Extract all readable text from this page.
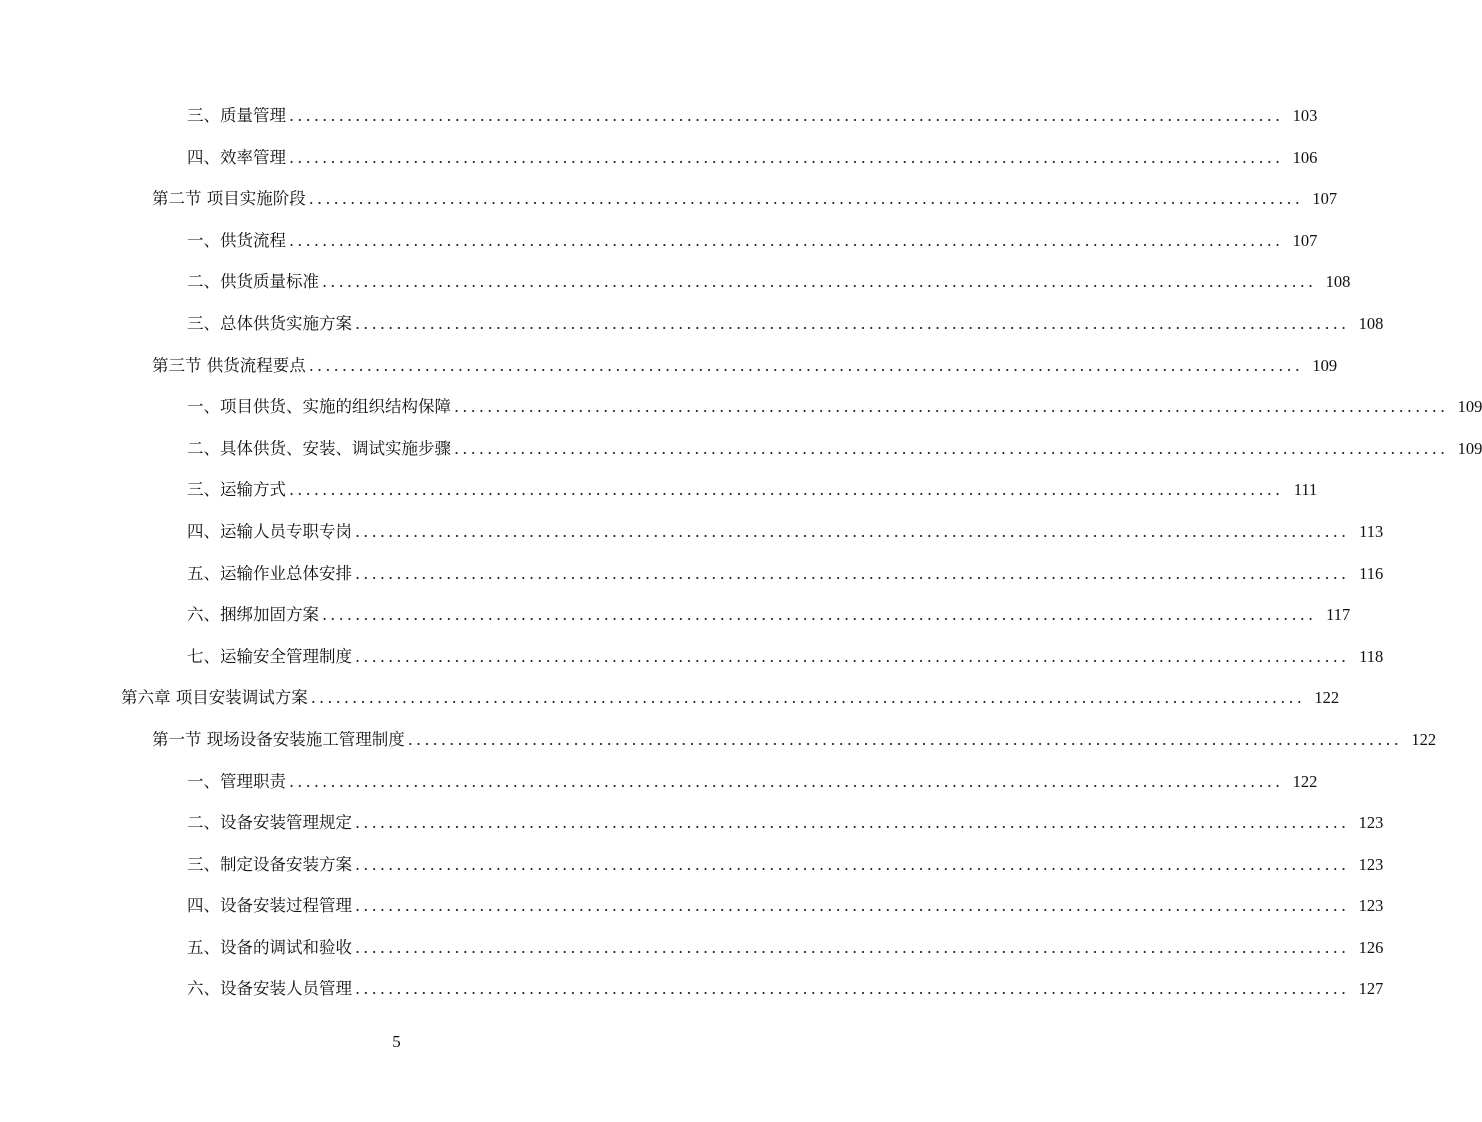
三、质量管理 ........................................................................................................................ 103
四、效率管理 ........................................................................................................................ 106
第二节 项目实施阶段 ........................................................................................................................ 107
一、供货流程 ........................................................................................................................ 107
二、供货质量标准 ........................................................................................................................ 108
三、总体供货实施方案 ........................................................................................................................ 108
第三节 供货流程要点 ........................................................................................................................ 109
一、项目供货、实施的组织结构保障 ........................................................................................................................ 109
二、具体供货、安装、调试实施步骤 ........................................................................................................................ 109
三、运输方式 ........................................................................................................................ 111
四、运输人员专职专岗 ........................................................................................................................ 113
五、运输作业总体安排 ........................................................................................................................ 116
六、捆绑加固方案 ........................................................................................................................ 117
七、运输安全管理制度 ........................................................................................................................ 118
第六章 项目安装调试方案 ........................................................................................................................ 122
第一节 现场设备安装施工管理制度 ........................................................................................................................ 122
一、管理职责 ........................................................................................................................ 122
二、设备安装管理规定 ........................................................................................................................ 123
三、制定设备安装方案 ........................................................................................................................ 123
四、设备安装过程管理 ........................................................................................................................ 123
五、设备的调试和验收 ........................................................................................................................ 126
六、设备安装人员管理 ........................................................................................................................ 127
5
